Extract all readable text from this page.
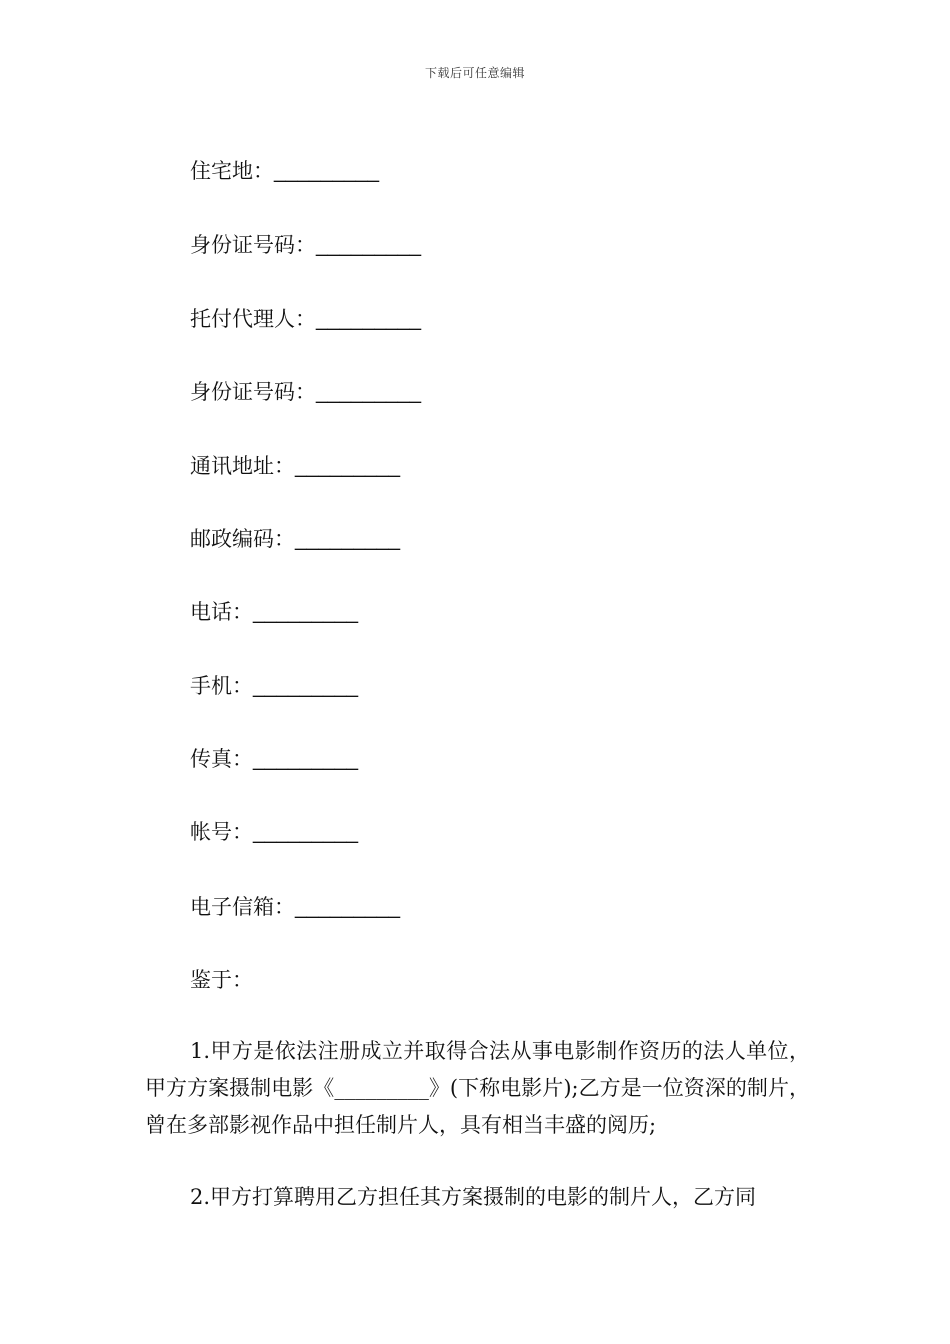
下载后可任意编辑
住宅地：_________
身份证号码：_________
托付代理人：_________
身份证号码：_________
通讯地址：_________
邮政编码：_________
电话：_________
手机：_________
传真：_________
帐号：_________
电子信箱：_________
鉴于：

1.甲方是依法注册成立并取得合法从事电影制作资历的法人单位，甲方方案摄制电影《_________》(下称电影片);乙方是一位资深的制片，曾在多部影视作品中担任制片人，具有相当丰盛的阅历;

2.甲方打算聘用乙方担任其方案摄制的电影的制片人，乙方同
